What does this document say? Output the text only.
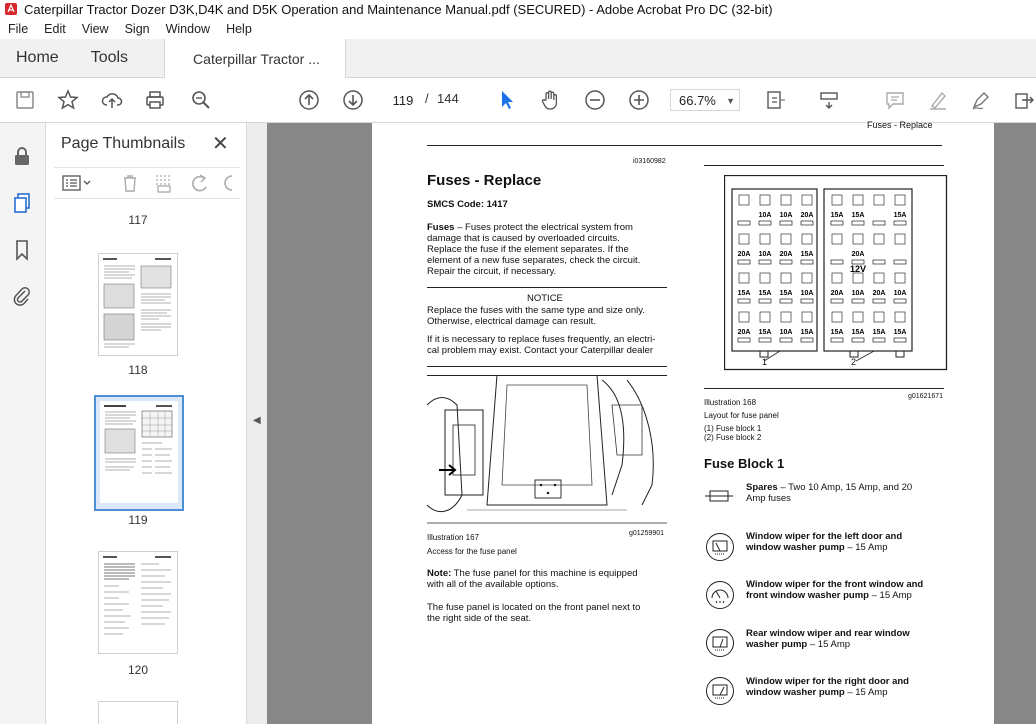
Caterpillar Tractor Dozer D3K,D4K and D5K Operation and Maintenance Manual.pdf (SECURED) - Adobe Acrobat Pro DC (32-bit)
File	Edit	View	Sign	Window	Help
Home	Tools	Caterpillar Tractor ...
119 / 144	66.7% ▼
Page Thumbnails ✕
117
118
119
120
◀
Fuses - Replace
i03160982
Fuses - Replace
SMCS Code: 1417
Fuses – Fuses protect the electrical system from
damage that is caused by overloaded circuits.
Replace the fuse if the element separates. If the
element of a new fuse separates, check the circuit.
Repair the circuit, if necessary.
NOTICE
Replace the fuses with the same type and size only.
Otherwise, electrical damage can result.

If it is necessary to replace fuses frequently, an electri-
cal problem may exist. Contact your Caterpillar dealer
Illustration 167	g01259901
Access for the fuse panel
Note: The fuse panel for this machine is equipped
with all of the available options.
The fuse panel is located on the front panel next to
the right side of the seat.
10A 10A 20A
20A 10A 20A 15A
15A 15A 15A 10A
20A 15A 10A 15A
15A 15A	15A
20A
20A 10A 20A 10A
15A 15A 15A 15A
12V
1	2
Illustration 168
g01621671
Layout for fuse panel
(1) Fuse block 1
(2) Fuse block 2
Fuse Block 1
Spares – Two 10 Amp, 15 Amp, and 20
Amp fuses
Window wiper for the left door and
window washer pump – 15 Amp
Window wiper for the front window and
front window washer pump – 15 Amp
Rear window wiper and rear window
washer pump – 15 Amp
Window wiper for the right door and
window washer pump – 15 Amp
